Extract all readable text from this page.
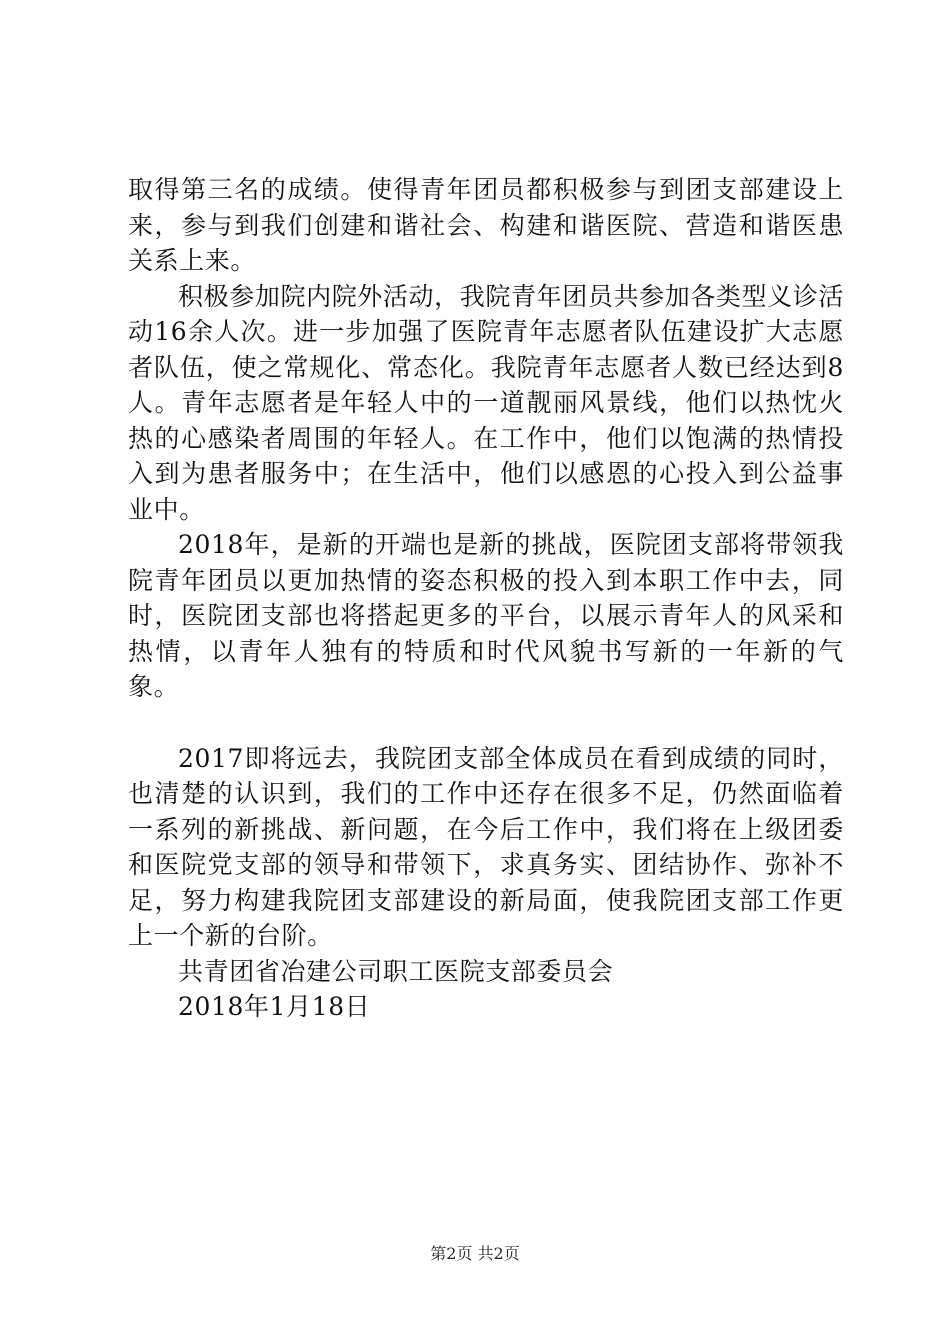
取得第三名的成绩。使得青年团员都积极参与到团支部建设上来，参与到我们创建和谐社会、构建和谐医院、营造和谐医患关系上来。

积极参加院内院外活动，我院青年团员共参加各类型义诊活动16余人次。进一步加强了医院青年志愿者队伍建设扩大志愿者队伍，使之常规化、常态化。我院青年志愿者人数已经达到8人。青年志愿者是年轻人中的一道靓丽风景线，他们以热忱火热的心感染者周围的年轻人。在工作中，他们以饱满的热情投入到为患者服务中；在生活中，他们以感恩的心投入到公益事业中。

2018年，是新的开端也是新的挑战，医院团支部将带领我院青年团员以更加热情的姿态积极的投入到本职工作中去，同时，医院团支部也将搭起更多的平台，以展示青年人的风采和热情，以青年人独有的特质和时代风貌书写新的一年新的气象。

2017即将远去，我院团支部全体成员在看到成绩的同时，也清楚的认识到，我们的工作中还存在很多不足，仍然面临着一系列的新挑战、新问题，在今后工作中，我们将在上级团委和医院党支部的领导和带领下，求真务实、团结协作、弥补不足，努力构建我院团支部建设的新局面，使我院团支部工作更上一个新的台阶。

共青团省冶建公司职工医院支部委员会

2018年1月18日

第2页 共2页
